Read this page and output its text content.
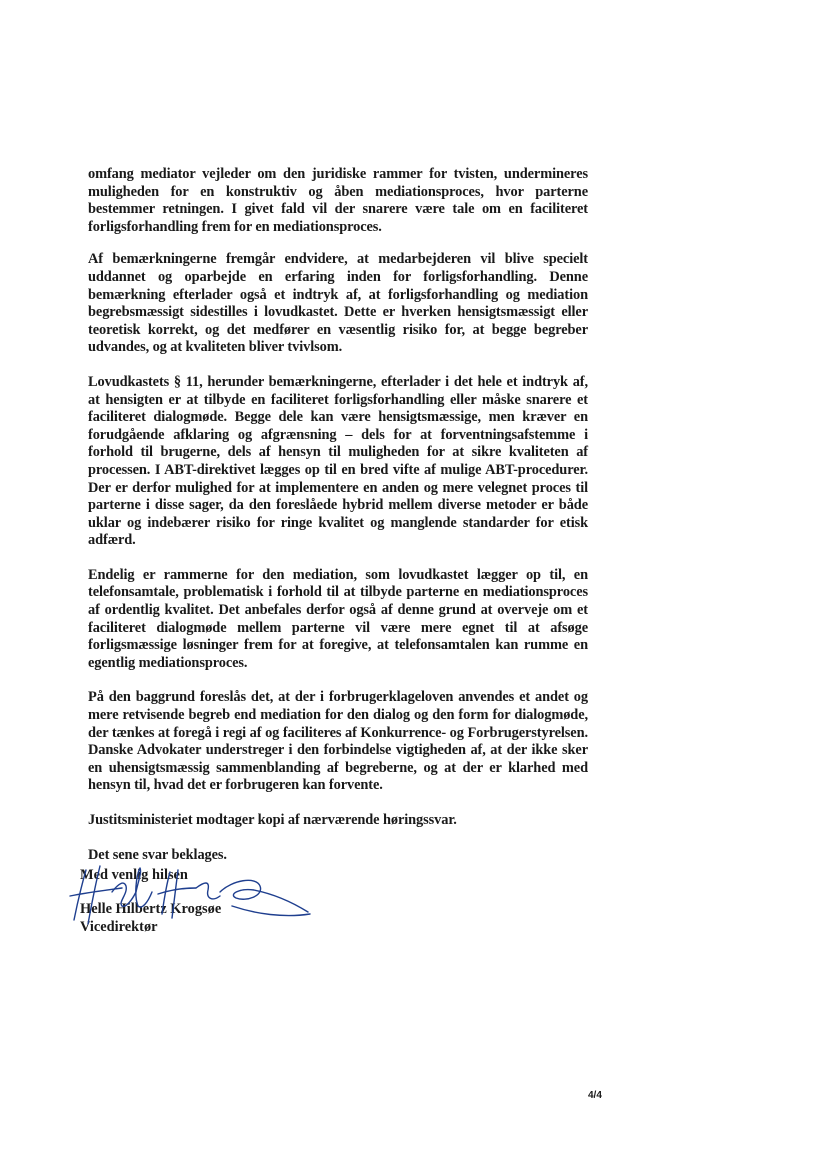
omfang mediator vejleder om den juridiske rammer for tvisten, undermineres muligheden for en konstruktiv og åben mediationsproces, hvor parterne bestemmer retningen. I givet fald vil der snarere være tale om en faciliteret forligsforhandling frem for en mediationsproces.

Af bemærkningerne fremgår endvidere, at medarbejderen vil blive specielt uddannet og oparbejde en erfaring inden for forligsforhandling. Denne bemærkning efterlader også et indtryk af, at forligsforhandling og mediation begrebsmæssigt sidestilles i lovudkastet. Dette er hverken hensigtsmæssigt eller teoretisk korrekt, og det medfører en væsentlig risiko for, at begge begreber udvandes, og at kvaliteten bliver tvivlsom.

Lovudkastets § 11, herunder bemærkningerne, efterlader i det hele et indtryk af, at hensigten er at tilbyde en faciliteret forligsforhandling eller måske snarere et faciliteret dialogmøde. Begge dele kan være hensigtsmæssige, men kræver en forudgående afklaring og afgrænsning – dels for at forventningsafstemme i forhold til brugerne, dels af hensyn til muligheden for at sikre kvaliteten af processen. I ABT-direktivet lægges op til en bred vifte af mulige ABT-procedurer. Der er derfor mulighed for at implementere en anden og mere velegnet proces til parterne i disse sager, da den foreslåede hybrid mellem diverse metoder er både uklar og indebærer risiko for ringe kvalitet og manglende standarder for etisk adfærd.

Endelig er rammerne for den mediation, som lovudkastet lægger op til, en telefonsamtale, problematisk i forhold til at tilbyde parterne en mediationsproces af ordentlig kvalitet. Det anbefales derfor også af denne grund at overveje om et faciliteret dialogmøde mellem parterne vil være mere egnet til at afsøge forligsmæssige løsninger frem for at foregive, at telefonsamtalen kan rumme en egentlig mediationsproces.

På den baggrund foreslås det, at der i forbrugerklageloven anvendes et andet og mere retvisende begreb end mediation for den dialog og den form for dialogmøde, der tænkes at foregå i regi af og faciliteres af Konkurrence- og Forbrugerstyrelsen. Danske Advokater understreger i den forbindelse vigtigheden af, at der ikke sker en uhensigtsmæssig sammenblanding af begreberne, og at der er klarhed med hensyn til, hvad det er forbrugeren kan forvente.

Justitsministeriet modtager kopi af nærværende høringssvar.

Det sene svar beklages.

Med venlig hilsen
Helle Hilbertz Krogsøe
Vicedirektør
4/4
